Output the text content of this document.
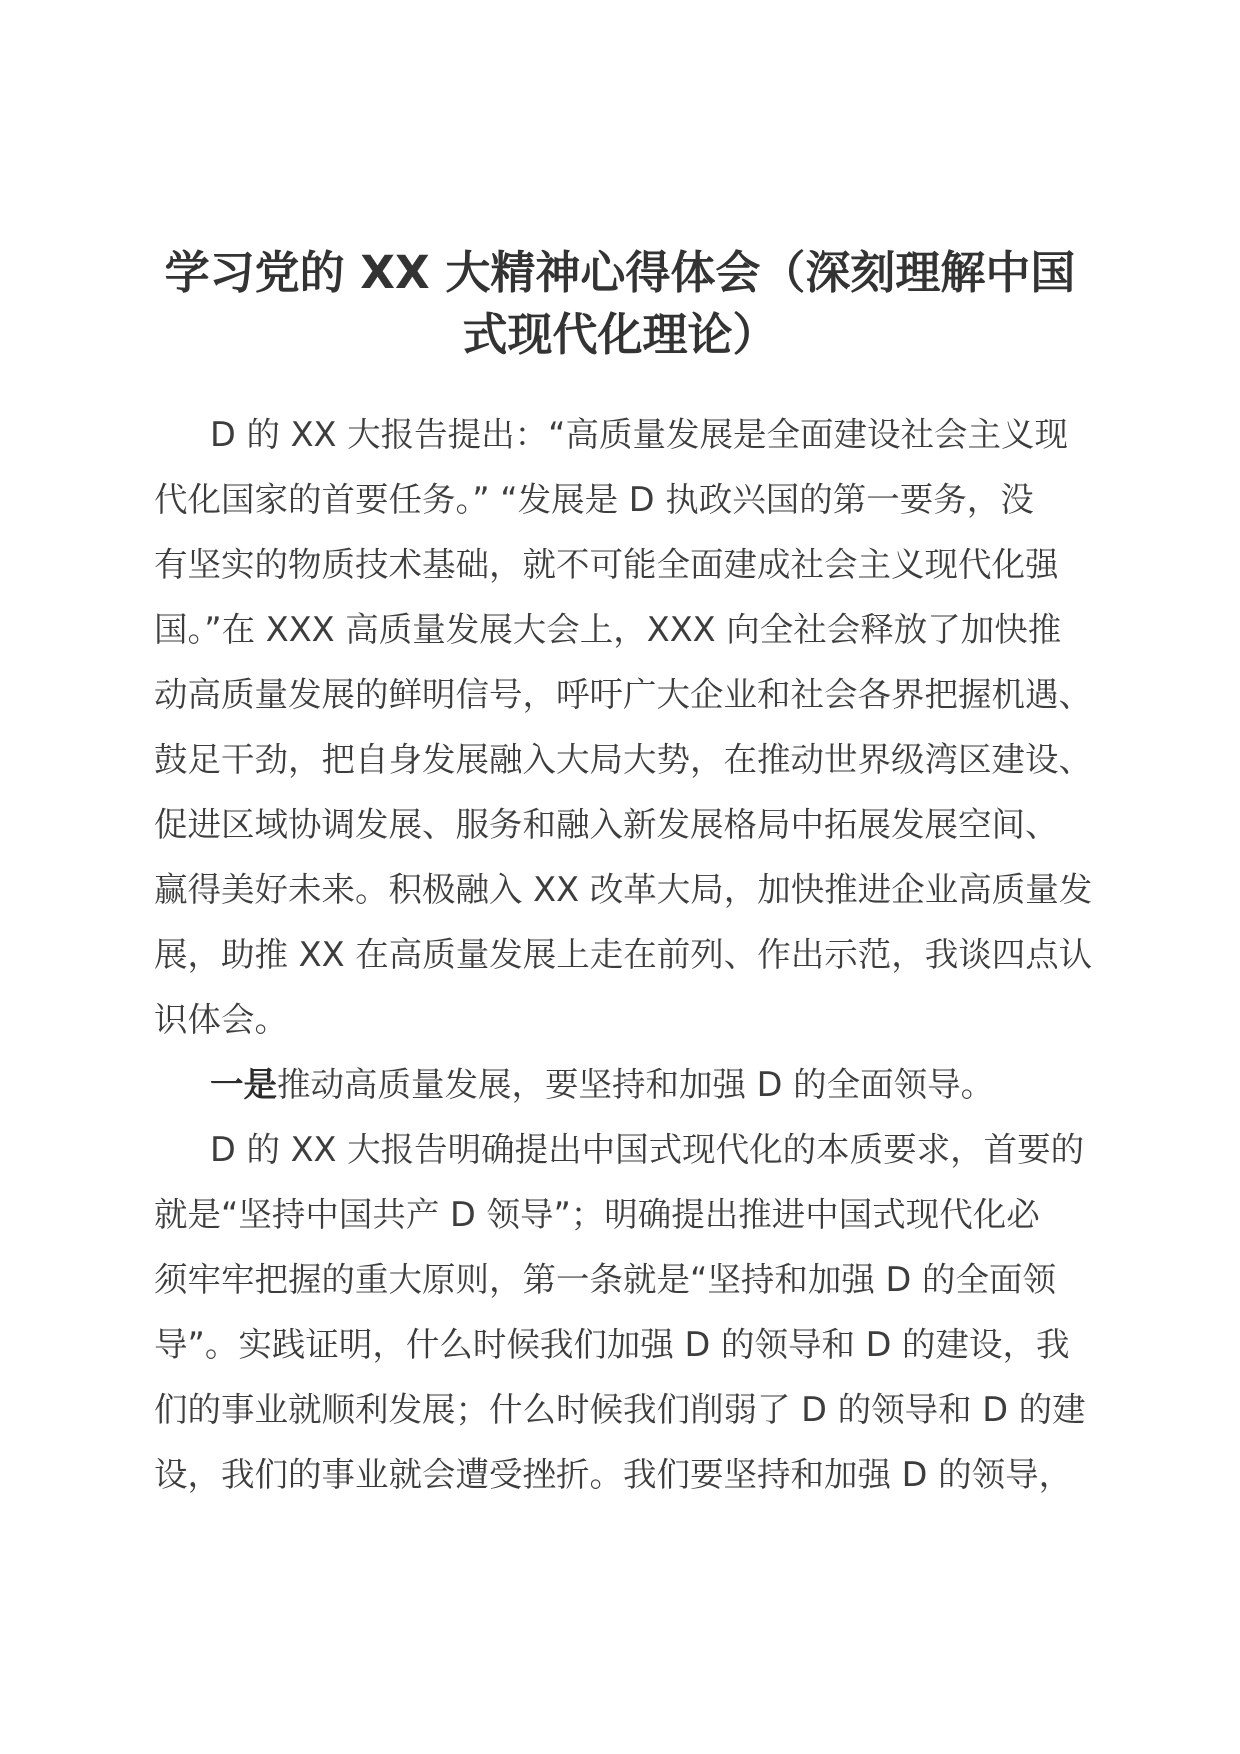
学习党的 XX 大精神心得体会（深刻理解中国
式现代化理论）

D 的 XX 大报告提出：“高质量发展是全面建设社会主义现
代化国家的首要任务。” “发展是 D 执政兴国的第一要务，没
有坚实的物质技术基础，就不可能全面建成社会主义现代化强
国。”在 XXX 高质量发展大会上，XXX 向全社会释放了加快推
动高质量发展的鲜明信号，呼吁广大企业和社会各界把握机遇、
鼓足干劲，把自身发展融入大局大势，在推动世界级湾区建设、
促进区域协调发展、服务和融入新发展格局中拓展发展空间、
赢得美好未来。积极融入 XX 改革大局，加快推进企业高质量发
展，助推 XX 在高质量发展上走在前列、作出示范，我谈四点认
识体会。

一是推动高质量发展，要坚持和加强 D 的全面领导。

D 的 XX 大报告明确提出中国式现代化的本质要求，首要的
就是“坚持中国共产 D 领导”；明确提出推进中国式现代化必
须牢牢把握的重大原则，第一条就是“坚持和加强 D 的全面领
导”。实践证明，什么时候我们加强 D 的领导和 D 的建设，我
们的事业就顺利发展；什么时候我们削弱了 D 的领导和 D 的建
设，我们的事业就会遭受挫折。我们要坚持和加强 D 的领导，
